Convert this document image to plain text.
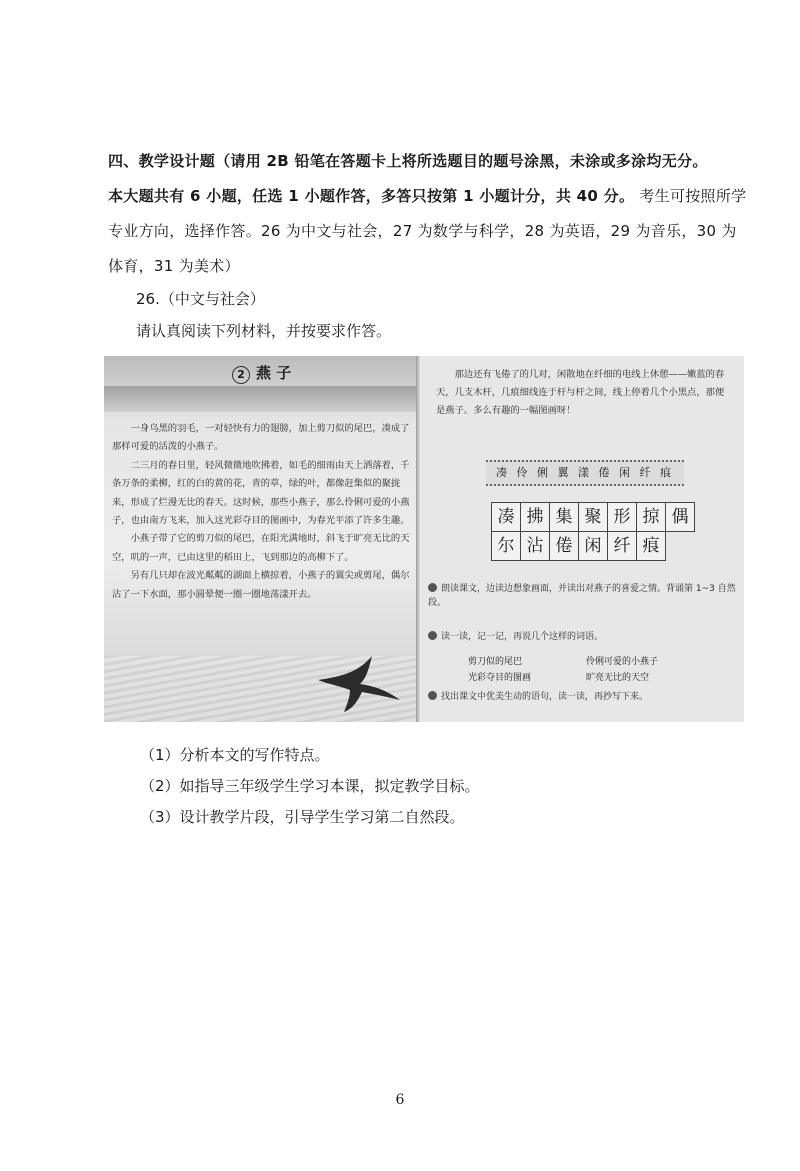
四、教学设计题（请用 2B 铅笔在答题卡上将所选题目的题号涂黑，未涂或多涂均无分。
本大题共有 6 小题，任选 1 小题作答，多答只按第 1 小题计分，共 40 分。 考生可按照所学专业方向，选择作答。26 为中文与社会，27 为数学与科学，28 为英语，29 为音乐，30 为体育，31 为美术）
26.（中文与社会）
请认真阅读下列材料，并按要求作答。
2 燕 子

一身乌黑的羽毛，一对轻快有力的翅膀，加上剪刀似的尾巴，凑成了那样可爱的活泼的小燕子。

二三月的春日里，轻风微微地吹拂着，如毛的细雨由天上洒落着，千条万条的柔柳，红的白的黄的花，青的草，绿的叶，都像赶集似的聚拢来，形成了烂漫无比的春天。这时候，那些小燕子，那么伶俐可爱的小燕子，也由南方飞来，加入这光彩夺目的图画中，为春光平添了许多生趣。

小燕子带了它的剪刀似的尾巴，在阳光满地时，斜飞于旷亮无比的天空，叽的一声，已由这里的稻田上，飞到那边的高柳下了。

另有几只却在波光粼粼的湖面上横掠着，小燕子的翼尖或剪尾，偶尔沾了一下水面，那小圆晕便一圈一圈地荡漾开去。

那边还有飞倦了的几对，闲散地在纤细的电线上休憩——嫩蓝的春天，几支木杆，几痕细线连于杆与杆之间，线上停着几个小黑点，那便是燕子。多么有趣的一幅图画呀！
凑 伶 俐 翼 漾 倦 闲 纤 痕
凑 拂 集 聚 形 掠 偶
尔 沾 倦 闲 纤 痕
朗读课文，边读边想象画面，并读出对燕子的喜爱之情。背诵第 1~3 自然段。
读一读，记一记，再说几个这样的词语。
剪刀似的尾巴	伶俐可爱的小燕子 光彩夺目的图画	旷亮无比的天空
找出课文中优美生动的语句，读一读，再抄写下来。
（1）分析本文的写作特点。
（2）如指导三年级学生学习本课，拟定教学目标。
（3）设计教学片段，引导学生学习第二自然段。
6
